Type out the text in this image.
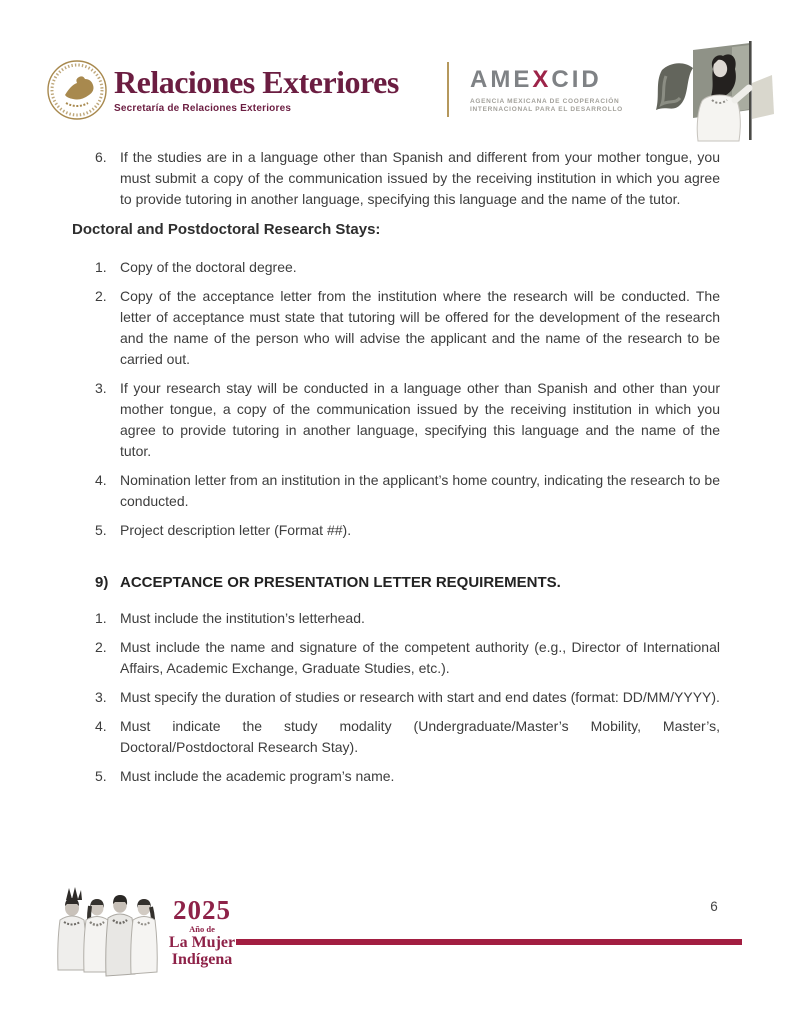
Relaciones Exteriores
Secretaría de Relaciones Exteriores
AMEXCID
AGENCIA MEXICANA DE COOPERACIÓN
INTERNACIONAL PARA EL DESARROLLO
6. If the studies are in a language other than Spanish and different from your mother tongue, you must submit a copy of the communication issued by the receiving institution in which you agree to provide tutoring in another language, specifying this language and the name of the tutor.
Doctoral and Postdoctoral Research Stays:
1. Copy of the doctoral degree.
2. Copy of the acceptance letter from the institution where the research will be conducted. The letter of acceptance must state that tutoring will be offered for the development of the research and the name of the person who will advise the applicant and the name of the research to be carried out.
3. If your research stay will be conducted in a language other than Spanish and other than your mother tongue, a copy of the communication issued by the receiving institution in which you agree to provide tutoring in another language, specifying this language and the name of the tutor.
4. Nomination letter from an institution in the applicant’s home country, indicating the research to be conducted.
5. Project description letter (Format ##).
9) ACCEPTANCE OR PRESENTATION LETTER REQUIREMENTS.
1. Must include the institution’s letterhead.
2. Must include the name and signature of the competent authority (e.g., Director of International Affairs, Academic Exchange, Graduate Studies, etc.).
3. Must specify the duration of studies or research with start and end dates (format: DD/MM/YYYY).
4. Must indicate the study modality (Undergraduate/Master’s Mobility, Master’s, Doctoral/Postdoctoral Research Stay).
5. Must include the academic program’s name.
2025
Año de
La Mujer
Indígena
6
